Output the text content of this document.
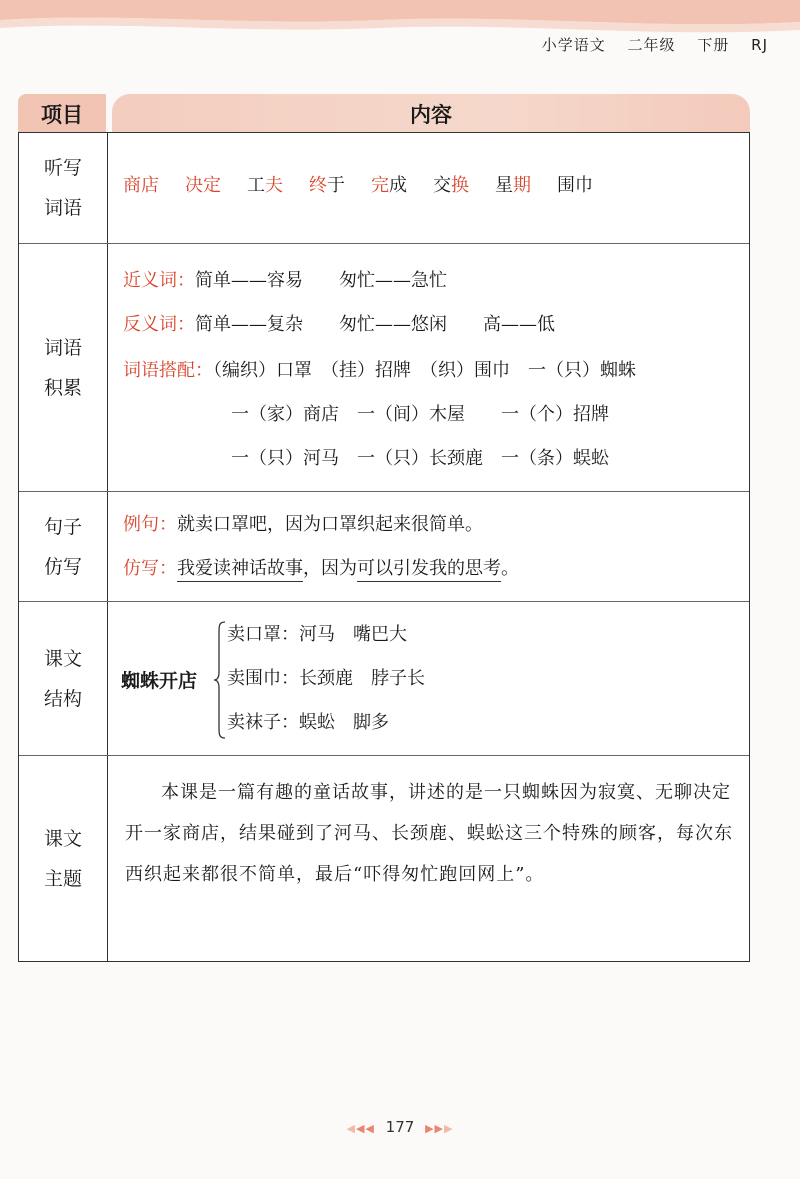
小学语文 二年级 下册 RJ
项目	内容
听写
词语
商店 决定 工夫 终于 完成 交换 星期 围巾
词语
积累
近义词：简单——容易　　匆忙——急忙
反义词：简单——复杂　　匆忙——悠闲　　高——低
词语搭配：（编织）口罩　（挂）招牌　（织）围巾　一（只）蜘蛛
一（家）商店　一（间）木屋　　一（个）招牌
一（只）河马　一（只）长颈鹿　一（条）蜈蚣
句子
仿写
例句：就卖口罩吧，因为口罩织起来很简单。
仿写：我爱读神话故事，因为可以引发我的思考。
课文
结构
蜘蛛开店
卖口罩：河马　嘴巴大
卖围巾：长颈鹿　脖子长
卖袜子：蜈蚣　脚多
课文
主题

本课是一篇有趣的童话故事，讲述的是一只蜘蛛因为寂寞、无聊决定开一家商店，结果碰到了河马、长颈鹿、蜈蚣这三个特殊的顾客，每次东西织起来都很不简单，最后“吓得匆忙跑回网上”。

◀◀◀ 177 ▶▶▶
